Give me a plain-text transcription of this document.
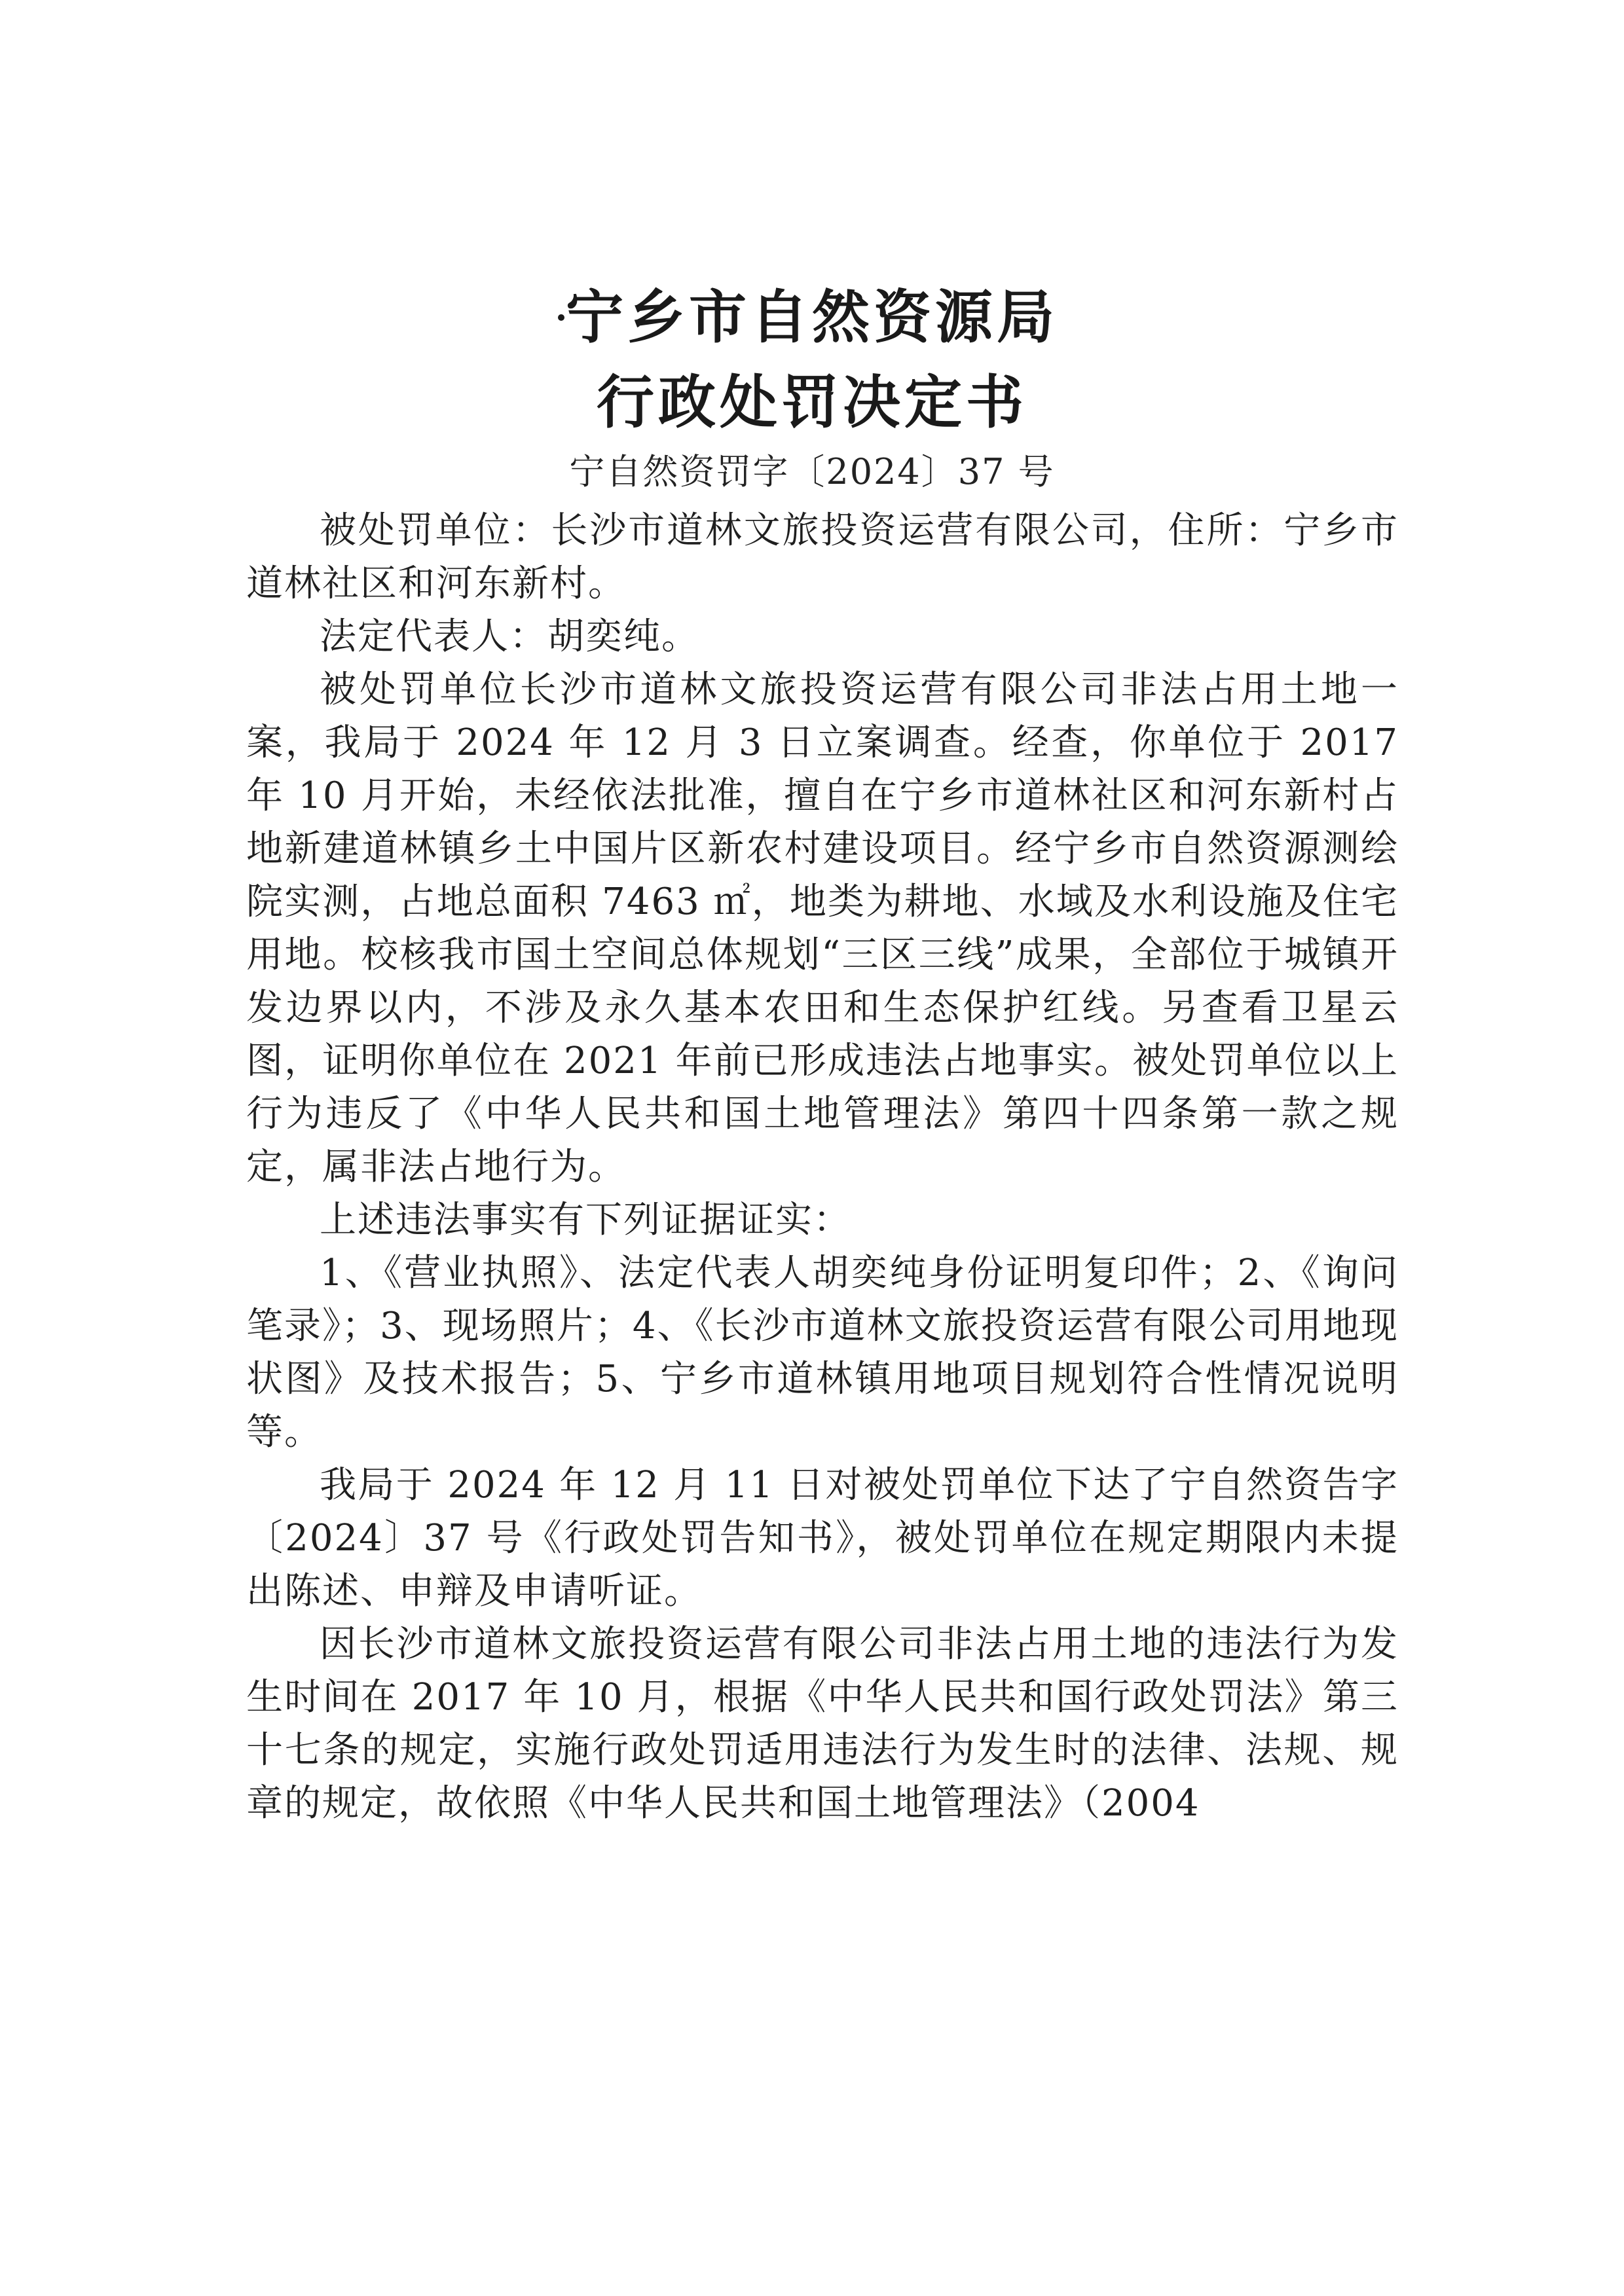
宁乡市自然资源局
行政处罚决定书
宁自然资罚字〔2024〕37 号

被处罚单位：长沙市道林文旅投资运营有限公司，住所：宁乡市道林社区和河东新村。

法定代表人：胡奕纯。

被处罚单位长沙市道林文旅投资运营有限公司非法占用土地一案，我局于 2024 年 12 月 3 日立案调查。经查，你单位于 2017 年 10 月开始，未经依法批准，擅自在宁乡市道林社区和河东新村占地新建道林镇乡土中国片区新农村建设项目。经宁乡市自然资源测绘院实测，占地总面积 7463 ㎡，地类为耕地、水域及水利设施及住宅用地。校核我市国土空间总体规划“三区三线”成果，全部位于城镇开发边界以内，不涉及永久基本农田和生态保护红线。另查看卫星云图，证明你单位在 2021 年前已形成违法占地事实。被处罚单位以上行为违反了《中华人民共和国土地管理法》第四十四条第一款之规定，属非法占地行为。

上述违法事实有下列证据证实：

1、《营业执照》、法定代表人胡奕纯身份证明复印件；2、《询问笔录》；3、现场照片；4、《长沙市道林文旅投资运营有限公司用地现状图》及技术报告；5、宁乡市道林镇用地项目规划符合性情况说明等。

我局于 2024 年 12 月 11 日对被处罚单位下达了宁自然资告字〔2024〕37 号《行政处罚告知书》，被处罚单位在规定期限内未提出陈述、申辩及申请听证。

因长沙市道林文旅投资运营有限公司非法占用土地的违法行为发生时间在 2017 年 10 月，根据《中华人民共和国行政处罚法》第三十七条的规定，实施行政处罚适用违法行为发生时的法律、法规、规章的规定，故依照《中华人民共和国土地管理法》（2004
